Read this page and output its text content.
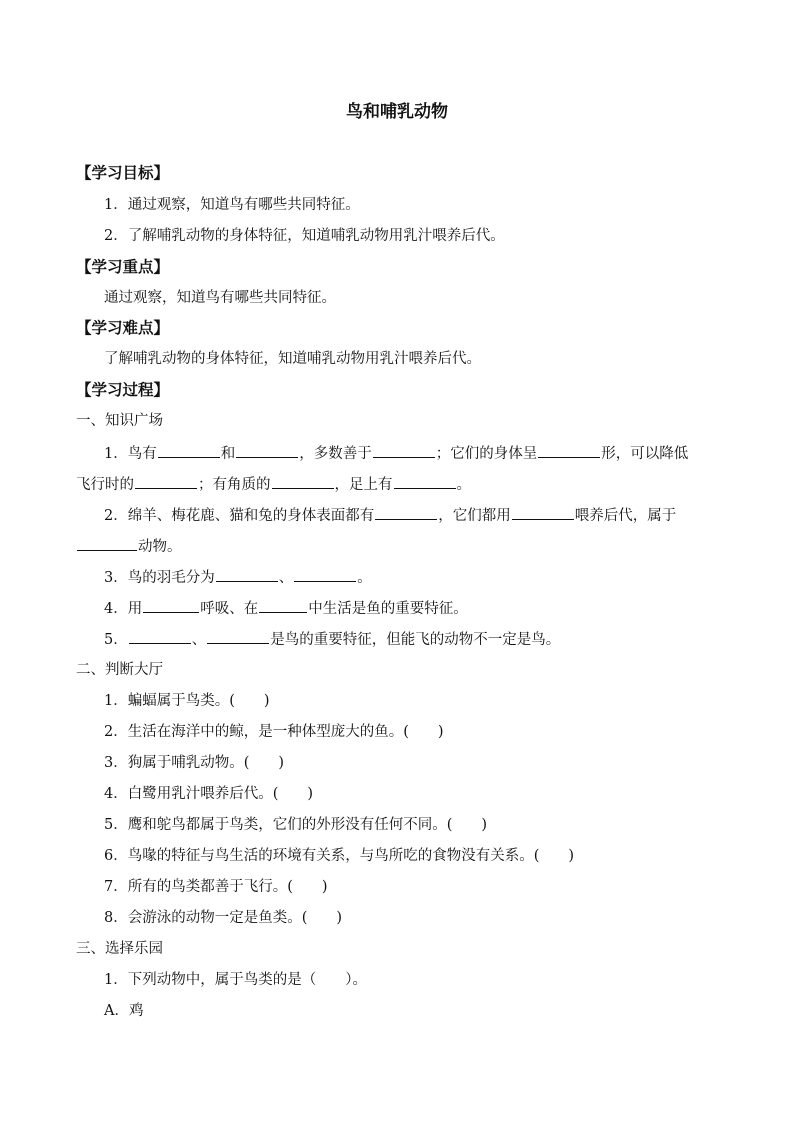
鸟和哺乳动物
【学习目标】
1．通过观察，知道鸟有哪些共同特征。
2．了解哺乳动物的身体特征，知道哺乳动物用乳汁喂养后代。
【学习重点】
通过观察，知道鸟有哪些共同特征。
【学习难点】
了解哺乳动物的身体特征，知道哺乳动物用乳汁喂养后代。
【学习过程】
一、知识广场
1．鸟有	和	，多数善于	；它们的身体呈	形，可以降低
飞行时的	；有角质的	，足上有	。
2．绵羊、梅花鹿、猫和兔的身体表面都有	，它们都用	喂养后代，属于
动物。
3．鸟的羽毛分为	、	。
4．用	呼吸、在	中生活是鱼的重要特征。
5．	、	是鸟的重要特征，但能飞的动物不一定是鸟。
二、判断大厅
1．蝙蝠属于鸟类。(　　)
2．生活在海洋中的鲸，是一种体型庞大的鱼。(　　)
3．狗属于哺乳动物。(　　)
4．白鹭用乳汁喂养后代。(　　)
5．鹰和鸵鸟都属于鸟类，它们的外形没有任何不同。(　　)
6．鸟喙的特征与鸟生活的环境有关系，与鸟所吃的食物没有关系。(　　)
7．所有的鸟类都善于飞行。(　　)
8．会游泳的动物一定是鱼类。(　　)
三、选择乐园
1．下列动物中，属于鸟类的是（　　）。
A．鸡
